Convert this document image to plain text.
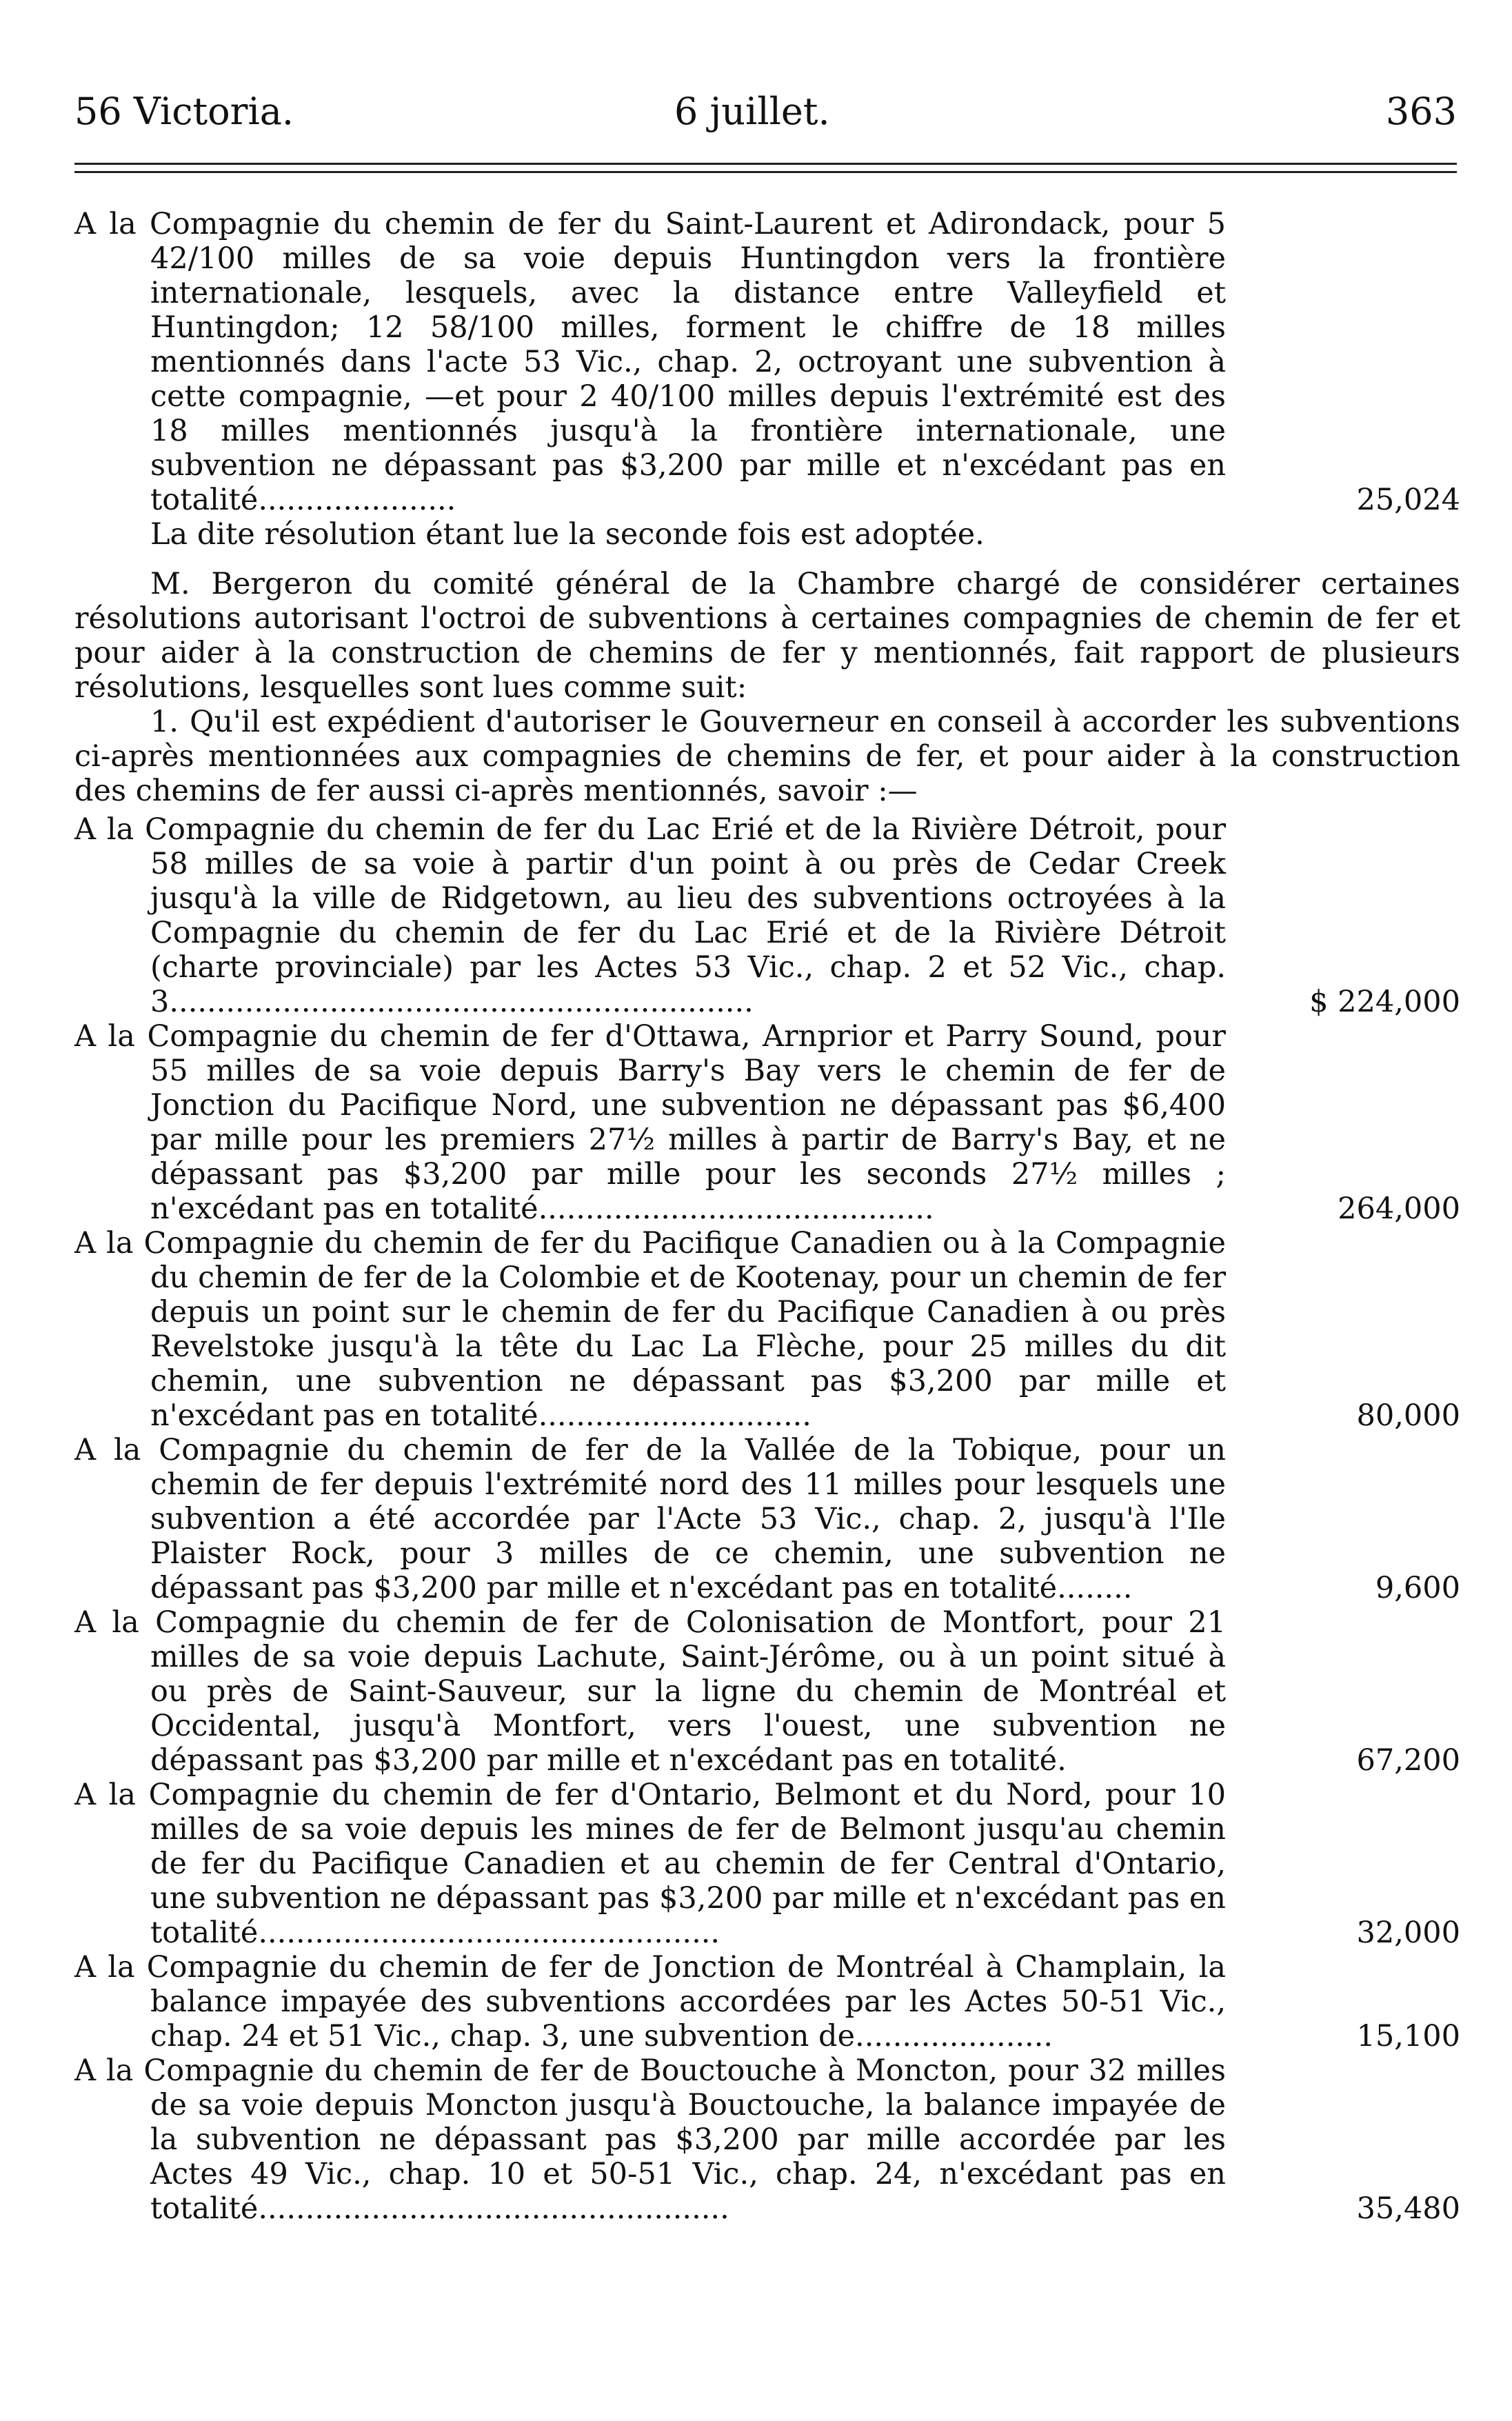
56 Victoria.	6 juillet.	363

A la Compagnie du chemin de fer du Saint-Laurent et Adirondack, pour 5 42/100 milles de sa voie depuis Huntingdon vers la frontière internationale, lesquels, avec la distance entre Valleyfield et Huntingdon; 12 58/100 milles, forment le chiffre de 18 milles mentionnés dans l'acte 53 Vic., chap. 2, octroyant une subvention à cette compagnie, —et pour 2 40/100 milles depuis l'extrémité est des 18 milles mentionnés jusqu'à la frontière internationale, une subvention ne dépassant pas $3,200 par mille et n'excédant pas en totalité.....................	25,024

La dite résolution étant lue la seconde fois est adoptée.

M. Bergeron du comité général de la Chambre chargé de considérer certaines résolutions autorisant l'octroi de subventions à certaines compagnies de chemin de fer et pour aider à la construction de chemins de fer y mentionnés, fait rapport de plusieurs résolutions, lesquelles sont lues comme suit:

1. Qu'il est expédient d'autoriser le Gouverneur en conseil à accorder les subventions ci-après mentionnées aux compagnies de chemins de fer, et pour aider à la construction des chemins de fer aussi ci-après mentionnés, savoir :—

A la Compagnie du chemin de fer du Lac Erié et de la Rivière Détroit, pour 58 milles de sa voie à partir d'un point à ou près de Cedar Creek jusqu'à la ville de Ridgetown, au lieu des subventions octroyées à la Compagnie du chemin de fer du Lac Erié et de la Rivière Détroit (charte provinciale) par les Actes 53 Vic., chap. 2 et 52 Vic., chap. 3..............................................................	$ 224,000

A la Compagnie du chemin de fer d'Ottawa, Arnprior et Parry Sound, pour 55 milles de sa voie depuis Barry's Bay vers le chemin de fer de Jonction du Pacifique Nord, une subvention ne dépassant pas $6,400 par mille pour les premiers 27½ milles à partir de Barry's Bay, et ne dépassant pas $3,200 par mille pour les seconds 27½ milles ; n'excédant pas en totalité..........................................	264,000

A la Compagnie du chemin de fer du Pacifique Canadien ou à la Compagnie du chemin de fer de la Colombie et de Kootenay, pour un chemin de fer depuis un point sur le chemin de fer du Pacifique Canadien à ou près Revelstoke jusqu'à la tête du Lac La Flèche, pour 25 milles du dit chemin, une subvention ne dépassant pas $3,200 par mille et n'excédant pas en totalité.............................	80,000

A la Compagnie du chemin de fer de la Vallée de la Tobique, pour un chemin de fer depuis l'extrémité nord des 11 milles pour lesquels une subvention a été accordée par l'Acte 53 Vic., chap. 2, jusqu'à l'Ile Plaister Rock, pour 3 milles de ce chemin, une subvention ne dépassant pas $3,200 par mille et n'excédant pas en totalité........	9,600

A la Compagnie du chemin de fer de Colonisation de Montfort, pour 21 milles de sa voie depuis Lachute, Saint-Jérôme, ou à un point situé à ou près de Saint-Sauveur, sur la ligne du chemin de Montréal et Occidental, jusqu'à Montfort, vers l'ouest, une subvention ne dépassant pas $3,200 par mille et n'excédant pas en totalité.	67,200

A la Compagnie du chemin de fer d'Ontario, Belmont et du Nord, pour 10 milles de sa voie depuis les mines de fer de Belmont jusqu'au chemin de fer du Pacifique Canadien et au chemin de fer Central d'Ontario, une subvention ne dépassant pas $3,200 par mille et n'excédant pas en totalité.................................................	32,000

A la Compagnie du chemin de fer de Jonction de Montréal à Champlain, la balance impayée des subventions accordées par les Actes 50-51 Vic., chap. 24 et 51 Vic., chap. 3, une subvention de.....................	15,100

A la Compagnie du chemin de fer de Bouctouche à Moncton, pour 32 milles de sa voie depuis Moncton jusqu'à Bouctouche, la balance impayée de la subvention ne dépassant pas $3,200 par mille accordée par les Actes 49 Vic., chap. 10 et 50-51 Vic., chap. 24, n'excédant pas en totalité..................................................	35,480
